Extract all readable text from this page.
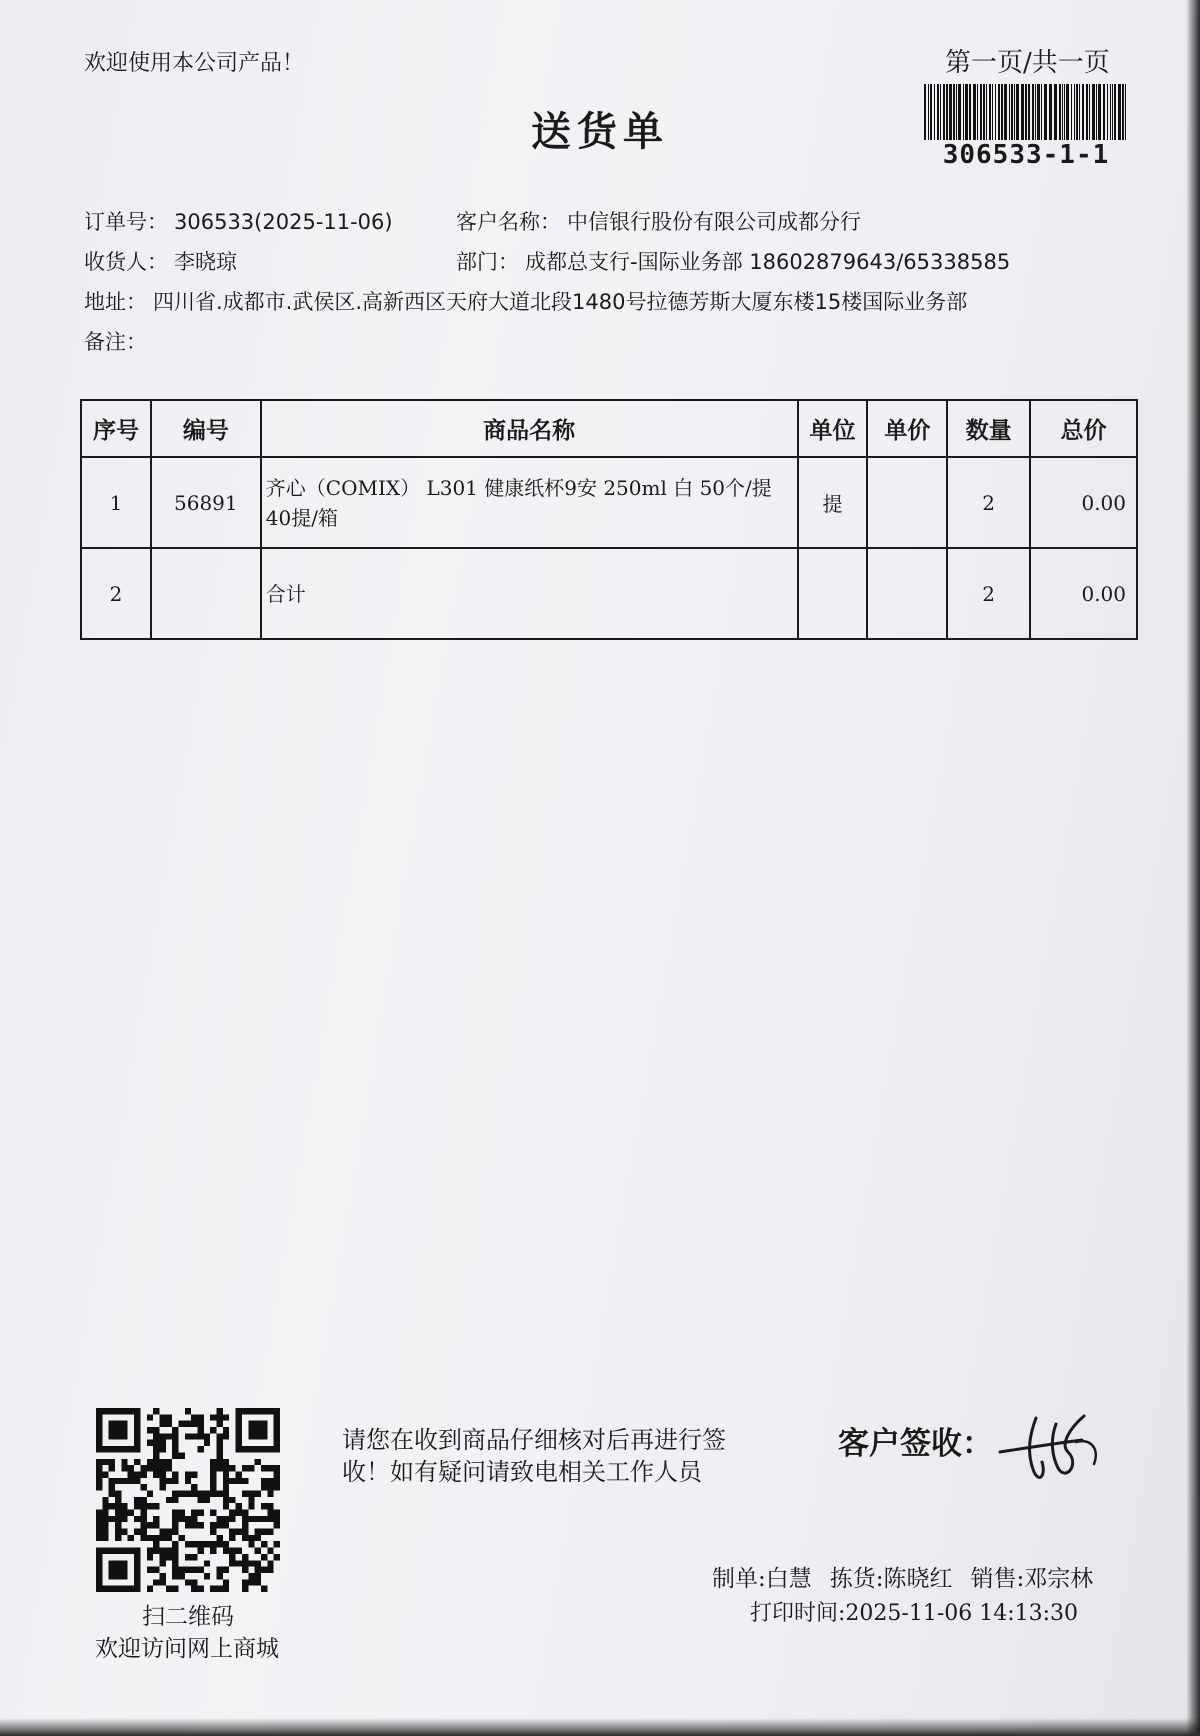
欢迎使用本公司产品！	第一页/共一页
送货单	306533-1-1
订单号： 306533(2025-11-06)	客户名称： 中信银行股份有限公司成都分行
收货人： 李晓琼	部门： 成都总支行-国际业务部 18602879643/65338585
地址： 四川省.成都市.武侯区.高新西区天府大道北段1480号拉德芳斯大厦东楼15楼国际业务部
备注：
序号	编号	商品名称	单位	单价	数量	总价
1	56891	齐心（COMIX） L301 健康纸杯9安 250ml 白 50个/提 40提/箱	提		2	0.00
2		合计			2	0.00
扫二维码
欢迎访问网上商城
请您在收到商品仔细核对后再进行签收！如有疑问请致电相关工作人员
客户签收：
制单:白慧 拣货:陈晓红 销售:邓宗林
打印时间:2025-11-06 14:13:30
